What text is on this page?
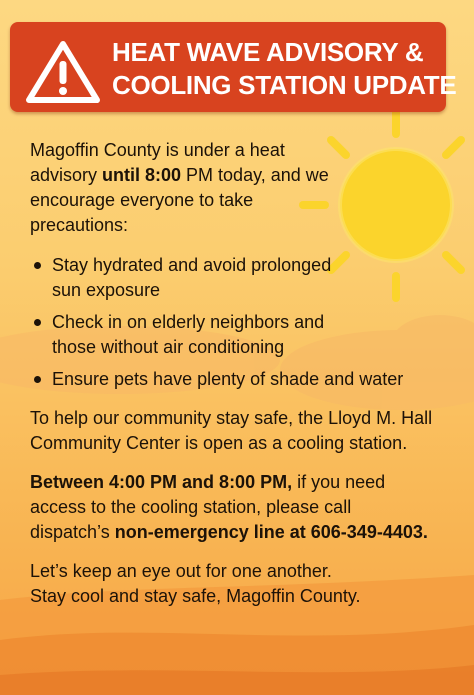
HEAT WAVE ADVISORY &
COOLING STATION UPDATE

Magoffin County is under a heat advisory until 8:00 PM today, and we encourage everyone to take precautions:

Stay hydrated and avoid prolonged sun exposure
Check in on elderly neighbors and those without air conditioning
Ensure pets have plenty of shade and water

To help our community stay safe, the Lloyd M. Hall Community Center is open as a cooling station.

Between 4:00 PM and 8:00 PM, if you need access to the cooling station, please call dispatch’s non-emergency line at 606-349-4403.

Let’s keep an eye out for one another.
Stay cool and stay safe, Magoffin County.
